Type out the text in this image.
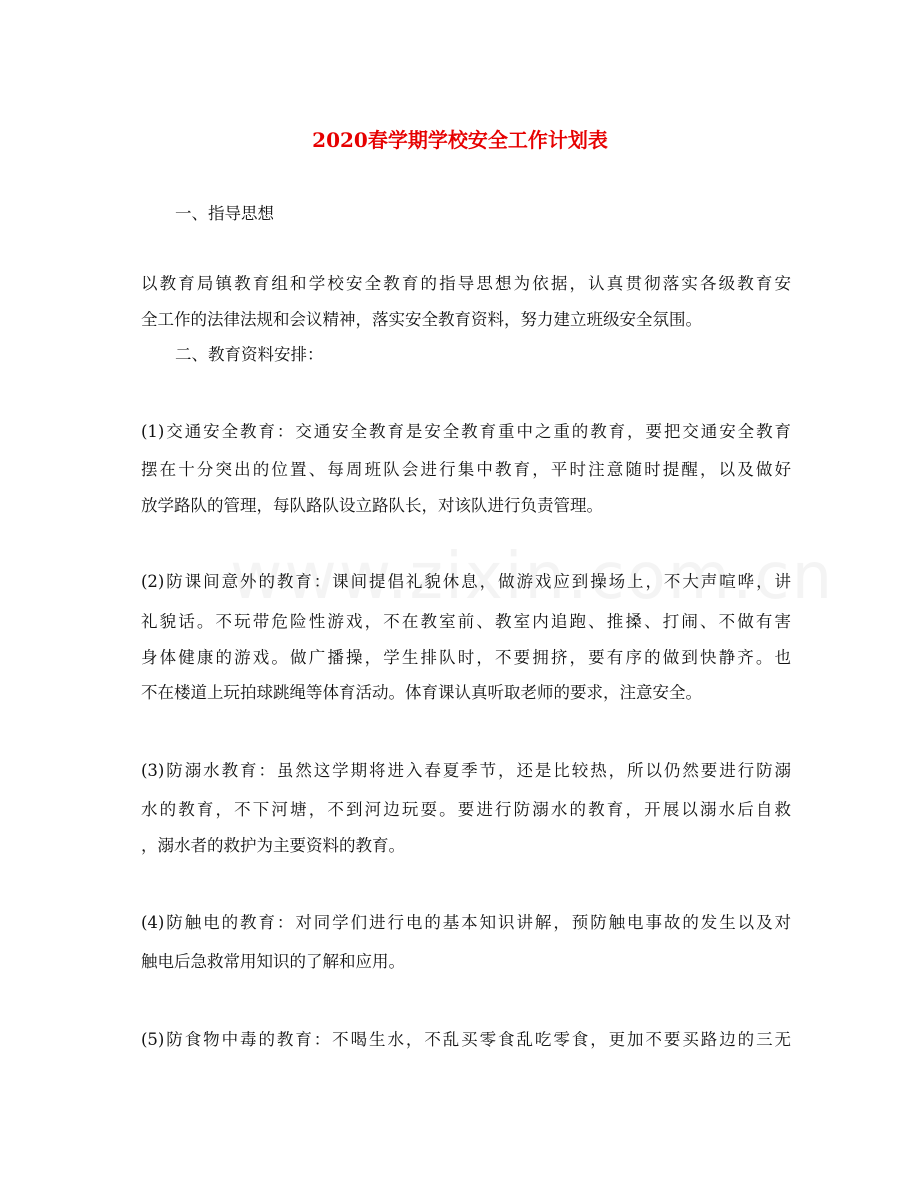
2020春学期学校安全工作计划表
一、指导思想
以教育局镇教育组和学校安全教育的指导思想为依据，认真贯彻落实各级教育安
全工作的法律法规和会议精神，落实安全教育资料，努力建立班级安全氛围。
二、教育资料安排：
(1)交通安全教育：交通安全教育是安全教育重中之重的教育，要把交通安全教育
摆在十分突出的位置、每周班队会进行集中教育，平时注意随时提醒，以及做好
放学路队的管理，每队路队设立路队长，对该队进行负责管理。
(2)防课间意外的教育：课间提倡礼貌休息，做游戏应到操场上，不大声喧哗，讲
礼貌话。不玩带危险性游戏，不在教室前、教室内追跑、推搡、打闹、不做有害
身体健康的游戏。做广播操，学生排队时，不要拥挤，要有序的做到快静齐。也
不在楼道上玩拍球跳绳等体育活动。体育课认真听取老师的要求，注意安全。
(3)防溺水教育：虽然这学期将进入春夏季节，还是比较热，所以仍然要进行防溺
水的教育，不下河塘，不到河边玩耍。要进行防溺水的教育，开展以溺水后自救
，溺水者的救护为主要资料的教育。
(4)防触电的教育：对同学们进行电的基本知识讲解，预防触电事故的发生以及对
触电后急救常用知识的了解和应用。
(5)防食物中毒的教育：不喝生水，不乱买零食乱吃零食，更加不要买路边的三无
